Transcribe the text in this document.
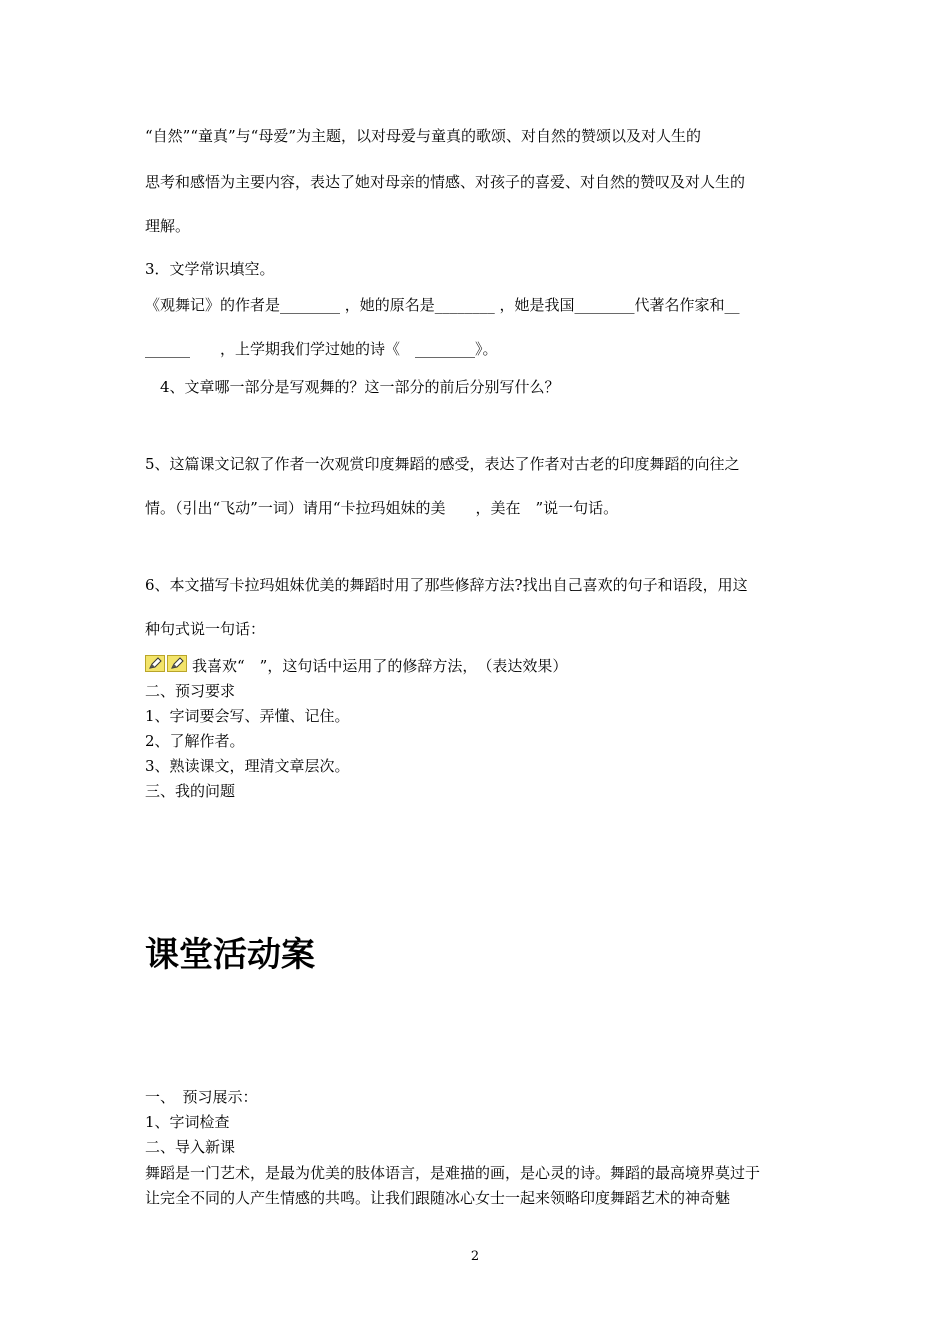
“自然”“童真”与“母爱”为主题，以对母爱与童真的歌颂、对自然的赞颂以及对人生的
思考和感悟为主要内容，表达了她对母亲的情感、对孩子的喜爱、对自然的赞叹及对人生的
理解。
3．文学常识填空。
《观舞记》的作者是________ ，她的原名是________ ，她是我国________代著名作家和__
______　　，上学期我们学过她的诗《　________》。
4、文章哪一部分是写观舞的？这一部分的前后分别写什么？
5、这篇课文记叙了作者一次观赏印度舞蹈的感受，表达了作者对古老的印度舞蹈的向往之
情。（引出“飞动”一词）请用“卡拉玛姐妹的美　　，美在　”说一句话。
6、本文描写卡拉玛姐妹优美的舞蹈时用了那些修辞方法?找出自己喜欢的句子和语段，用这
种句式说一句话：
我喜欢“　”，这句话中运用了的修辞方法，　（表达效果）
二、预习要求
1、字词要会写、弄懂、记住。
2、了解作者。
3、熟读课文，理清文章层次。
三、我的问题
课堂活动案
一、　预习展示：
1、字词检查
二、导入新课
舞蹈是一门艺术，是最为优美的肢体语言，是难描的画，是心灵的诗。舞蹈的最高境界莫过于
让完全不同的人产生情感的共鸣。让我们跟随冰心女士一起来领略印度舞蹈艺术的神奇魅
2
